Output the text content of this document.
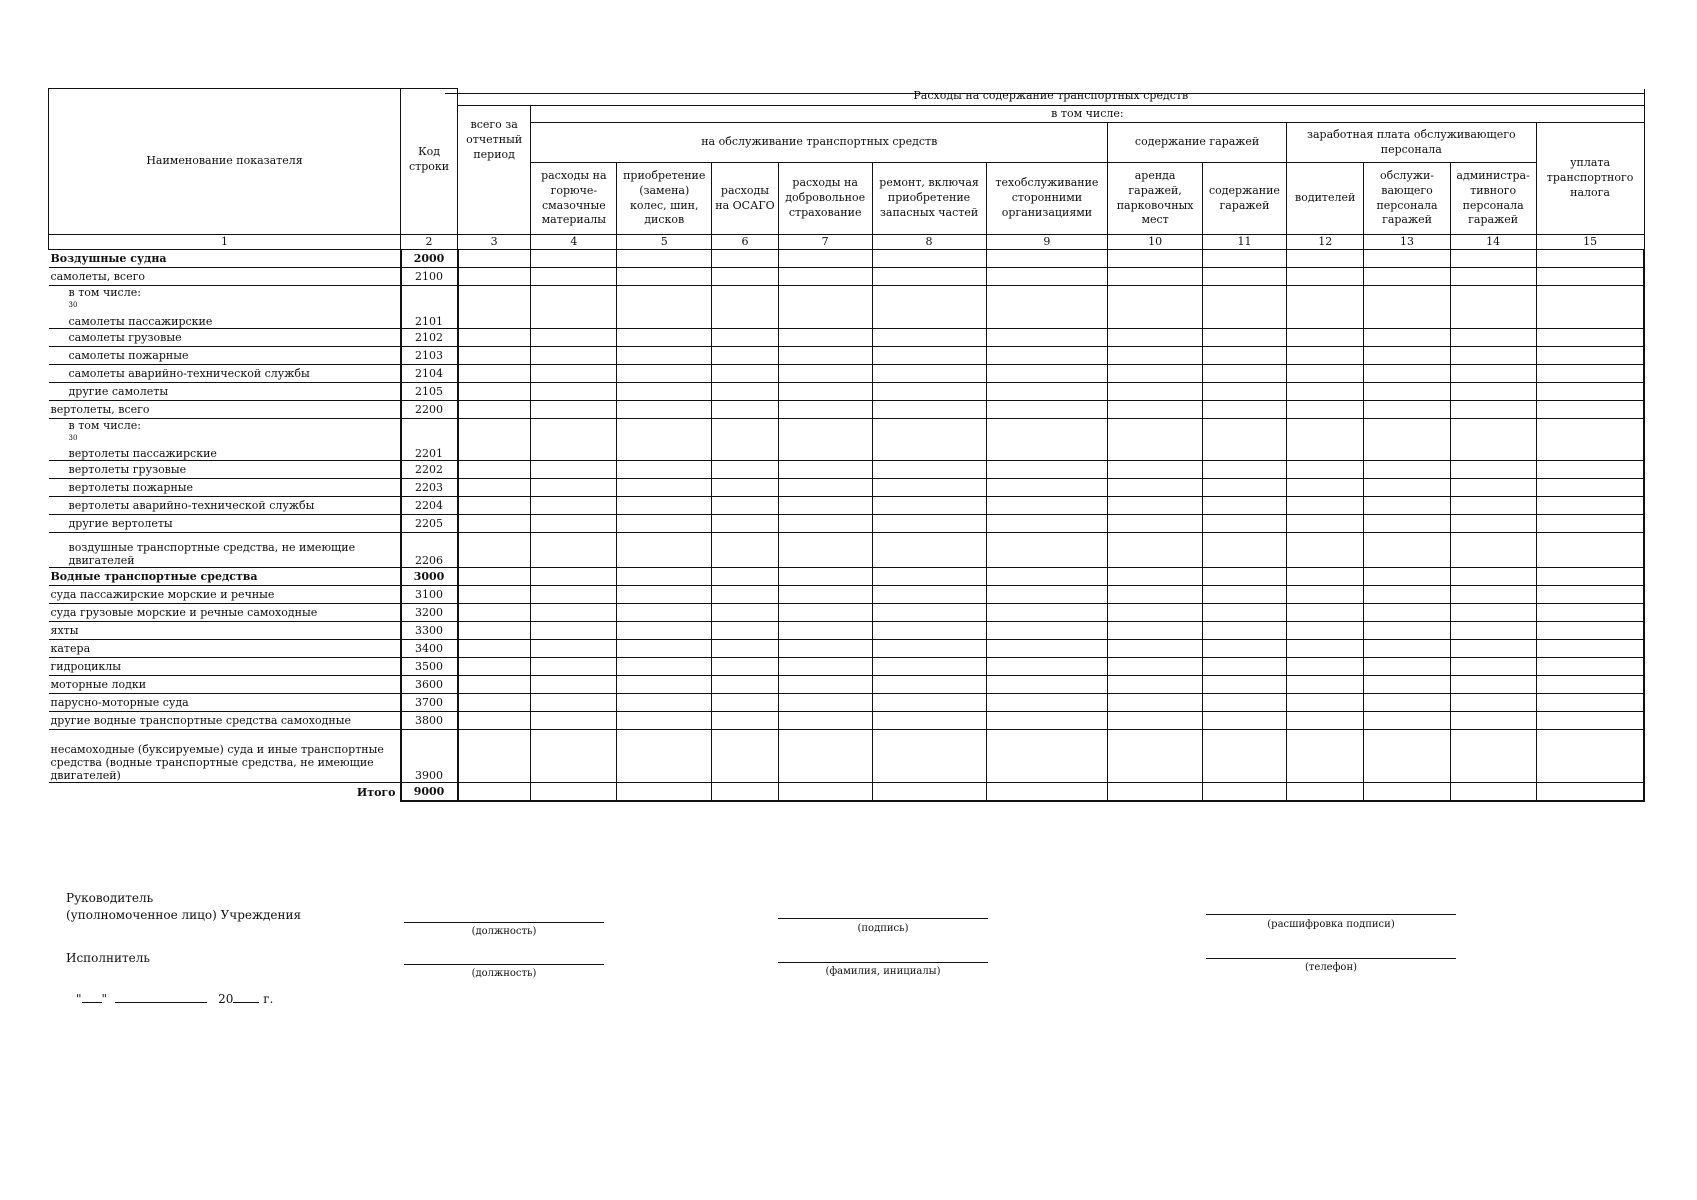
Наименование показателя	Код строки	Расходы на содержание транспортных средств												
		всего за отчетный период	в том числе:											
			на обслуживание транспортных средств						содержание гаражей		заработная плата обслуживающего персонала			уплата транспортного налога
			расходы на горюче-смазочные материалы	приобретение (замена) колес, шин, дисков	расходы на ОСАГО	расходы на добровольное страхование	ремонт, включая приобретение запасных частей	техобслуживание сторонними организациями	аренда гаражей, парковочных мест	содержание гаражей	водителей	обслужи-вающего персонала гаражей	администра-тивного персонала гаражей	
1	2	3	4	5	6	7	8	9	10	11	12	13	14	15

Воздушные судна	2000													

самолеты, всего	2100													

в том числе:
$^{30}$
самолеты пассажирские	2101													

самолеты грузовые	2102													

самолеты пожарные	2103													

самолеты аварийно-технической службы	2104													

другие самолеты	2105													

вертолеты, всего	2200													

в том числе:
$^{30}$
вертолеты пассажирские	2201													

вертолеты грузовые	2202													

вертолеты пожарные	2203													

вертолеты аварийно-технической службы	2204													

другие вертолеты	2205													

воздушные транспортные средства, не имеющие
двигателей	2206													

Водные транспортные средства	3000													

суда пассажирские морские и речные	3100													

суда грузовые морские и речные самоходные	3200													

яхты	3300													

катера	3400													

гидроциклы	3500													

моторные лодки	3600													

парусно-моторные суда	3700													

другие водные транспортные средства самоходные	3800													

несамоходные (буксируемые) суда и иные транспортные
средства (водные транспортные средства, не имеющие
двигателей)	3900													
Итого	9000													
Руководитель
(уполномоченное лицо) Учреждения
(должность)	(подпись)	(расшифровка подписи)
Исполнитель
(должность)	(фамилия, инициалы)	(телефон)
" "	20 г.
